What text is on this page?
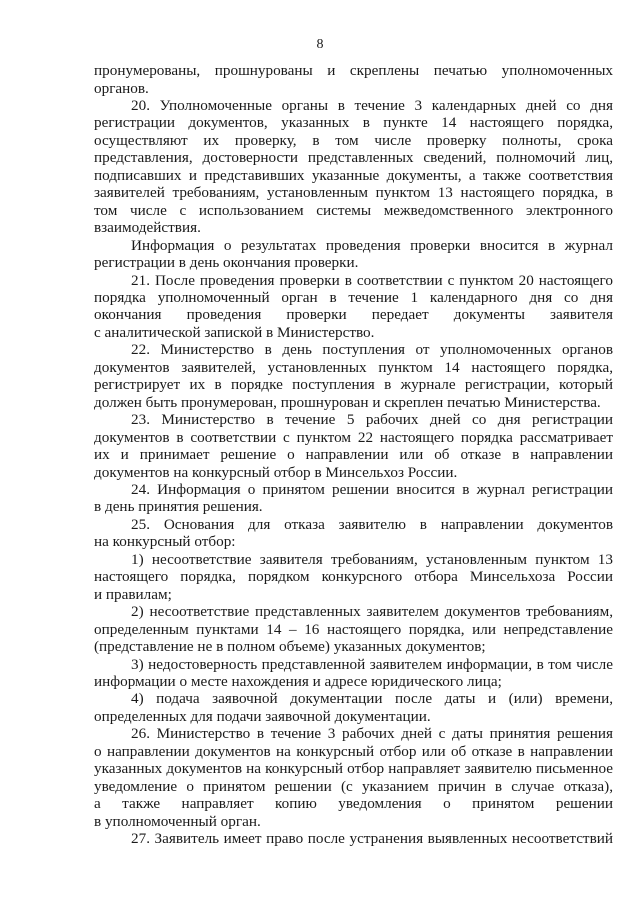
8
пронумерованы, прошнурованы и скреплены печатью уполномоченных
органов.
20. Уполномоченные органы в течение 3 календарных дней со дня
регистрации документов, указанных в пункте 14 настоящего порядка,
осуществляют их проверку, в том числе проверку полноты, срока
представления, достоверности представленных сведений, полномочий лиц,
подписавших и представивших указанные документы, а также соответствия
заявителей требованиям, установленным пунктом 13 настоящего порядка, в
том числе с использованием системы межведомственного электронного
взаимодействия.
Информация о результатах проведения проверки вносится в журнал
регистрации в день окончания проверки.
21. После проведения проверки в соответствии с пунктом 20 настоящего
порядка уполномоченный орган в течение 1 календарного дня со дня
окончания проведения проверки передает документы заявителя
с аналитической запиской в Министерство.
22. Министерство в день поступления от уполномоченных органов
документов заявителей, установленных пунктом 14 настоящего порядка,
регистрирует их в порядке поступления в журнале регистрации, который
должен быть пронумерован, прошнурован и скреплен печатью Министерства.
23. Министерство в течение 5 рабочих дней со дня регистрации
документов в соответствии с пунктом 22 настоящего порядка рассматривает
их и принимает решение о направлении или об отказе в направлении
документов на конкурсный отбор в Минсельхоз России.
24. Информация о принятом решении вносится в журнал регистрации
в день принятия решения.
25. Основания для отказа заявителю в направлении документов
на конкурсный отбор:
1) несоответствие заявителя требованиям, установленным пунктом 13
настоящего порядка, порядком конкурсного отбора Минсельхоза России
и правилам;
2) несоответствие представленных заявителем документов требованиям,
определенным пунктами 14 – 16 настоящего порядка, или непредставление
(представление не в полном объеме) указанных документов;
3) недостоверность представленной заявителем информации, в том числе
информации о месте нахождения и адресе юридического лица;
4) подача заявочной документации после даты и (или) времени,
определенных для подачи заявочной документации.
26. Министерство в течение 3 рабочих дней с даты принятия решения
о направлении документов на конкурсный отбор или об отказе в направлении
указанных документов на конкурсный отбор направляет заявителю письменное
уведомление о принятом решении (с указанием причин в случае отказа),
а также направляет копию уведомления о принятом решении
в уполномоченный орган.
27. Заявитель имеет право после устранения выявленных несоответствий
